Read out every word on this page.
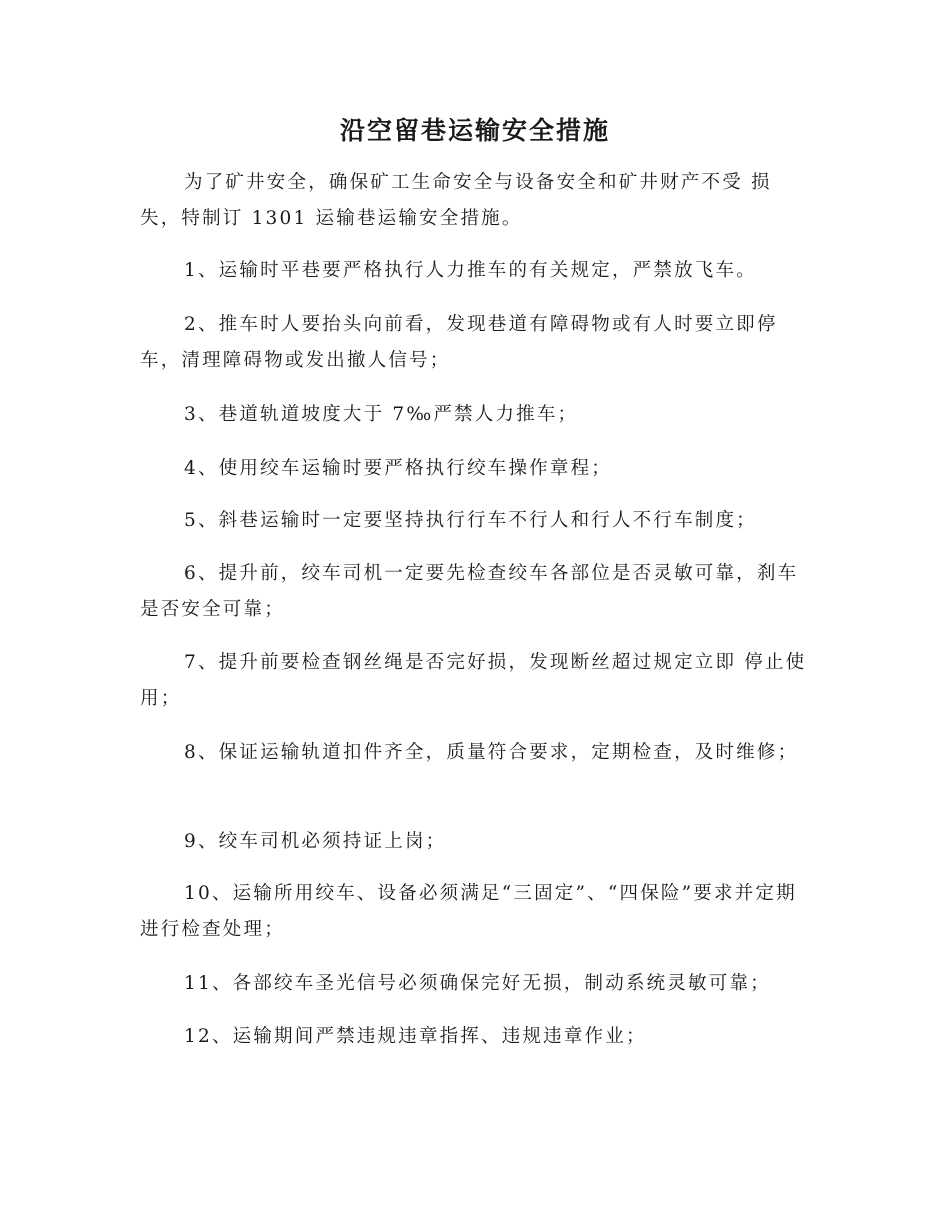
沿空留巷运输安全措施
为了矿井安全，确保矿工生命安全与设备安全和矿井财产不受 损失，特制订 1301 运输巷运输安全措施。
1、运输时平巷要严格执行人力推车的有关规定，严禁放飞车。
2、推车时人要抬头向前看，发现巷道有障碍物或有人时要立即停车，清理障碍物或发出撤人信号；
3、巷道轨道坡度大于 7‰严禁人力推车；
4、使用绞车运输时要严格执行绞车操作章程；
5、斜巷运输时一定要坚持执行行车不行人和行人不行车制度；
6、提升前，绞车司机一定要先检查绞车各部位是否灵敏可靠，刹车是否安全可靠；
7、提升前要检查钢丝绳是否完好损，发现断丝超过规定立即 停止使用；
8、保证运输轨道扣件齐全，质量符合要求，定期检查，及时维修；
9、绞车司机必须持证上岗；
10、运输所用绞车、设备必须满足“三固定”、“四保险”要求并定期进行检查处理；
11、各部绞车圣光信号必须确保完好无损，制动系统灵敏可靠；
12、运输期间严禁违规违章指挥、违规违章作业；
